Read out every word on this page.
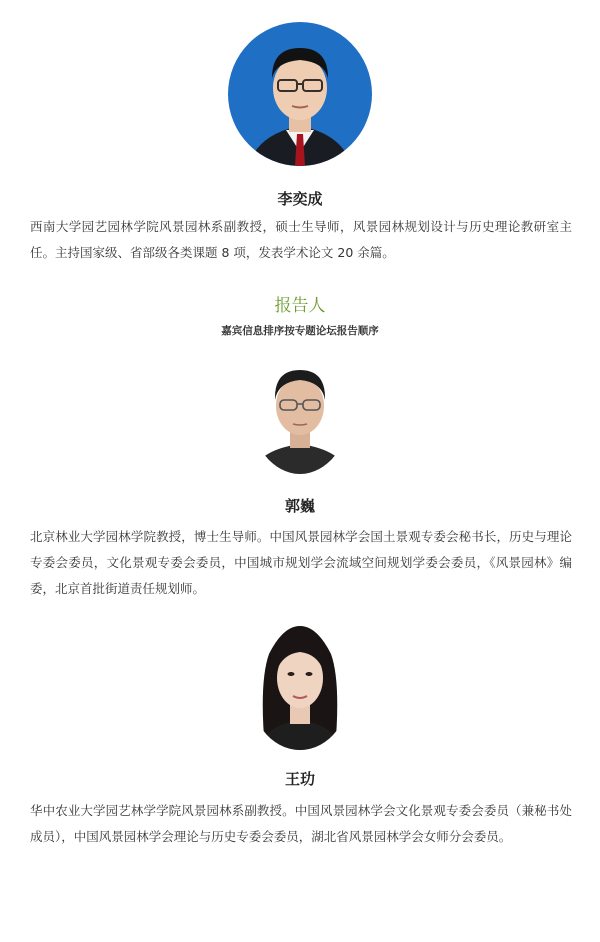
李奕成
西南大学园艺园林学院风景园林系副教授，硕士生导师，风景园林规划设计与历史理论教研室主任。主持国家级、省部级各类课题 8 项，发表学术论文 20 余篇。
报告人
嘉宾信息排序按专题论坛报告顺序
郭巍
北京林业大学园林学院教授，博士生导师。中国风景园林学会国土景观专委会秘书长，历史与理论专委会委员，文化景观专委会委员，中国城市规划学会流域空间规划学委会委员，《风景园林》编委，北京首批街道责任规划师。
王玏
华中农业大学园艺林学学院风景园林系副教授。中国风景园林学会文化景观专委会委员（兼秘书处成员），中国风景园林学会理论与历史专委会委员，湖北省风景园林学会女师分会委员。
